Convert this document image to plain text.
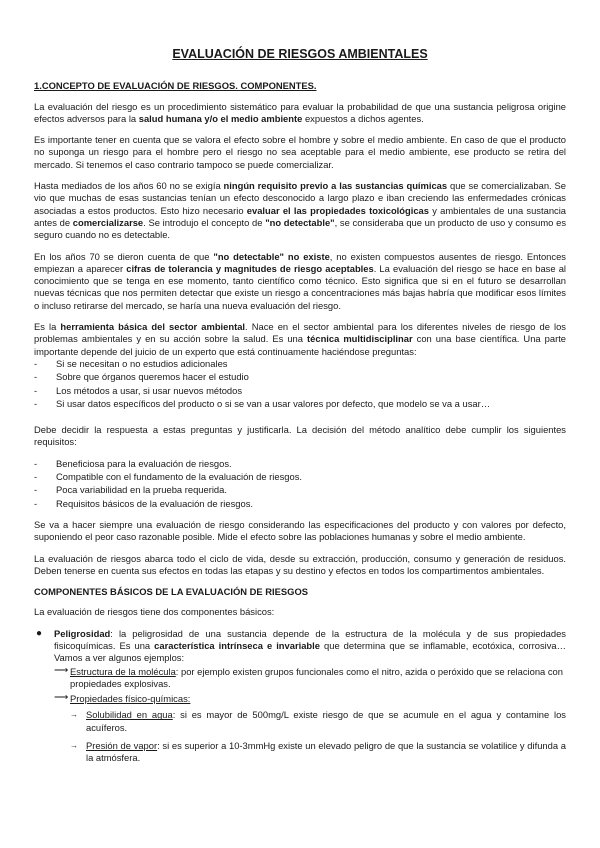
EVALUACIÓN DE RIESGOS AMBIENTALES
1.CONCEPTO DE EVALUACIÓN DE RIESGOS. COMPONENTES.

La evaluación del riesgo es un procedimiento sistemático para evaluar la probabilidad de que una sustancia peligrosa origine efectos adversos para la salud humana y/o el medio ambiente expuestos a dichos agentes.

Es importante tener en cuenta que se valora el efecto sobre el hombre y sobre el medio ambiente. En caso de que el producto no suponga un riesgo para el hombre pero el riesgo no sea aceptable para el medio ambiente, ese producto se retira del mercado. Si tenemos el caso contrario tampoco se puede comercializar.

Hasta mediados de los años 60 no se exigía ningún requisito previo a las sustancias químicas que se comercializaban. Se vio que muchas de esas sustancias tenían un efecto desconocido a largo plazo e iban creciendo las enfermedades crónicas asociadas a estos productos. Esto hizo necesario evaluar el las propiedades toxicológicas y ambientales de una sustancia antes de comercializarse. Se introdujo el concepto de "no detectable", se consideraba que un producto de uso y consumo es seguro cuando no es detectable.

En los años 70 se dieron cuenta de que "no detectable" no existe, no existen compuestos ausentes de riesgo. Entonces empiezan a aparecer cifras de tolerancia y magnitudes de riesgo aceptables. La evaluación del riesgo se hace en base al conocimiento que se tenga en ese momento, tanto científico como técnico. Esto significa que si en el futuro se desarrollan nuevas técnicas que nos permiten detectar que existe un riesgo a concentraciones más bajas habría que modificar esos límites o incluso retirarse del mercado, se haría una nueva evaluación del riesgo.

Es la herramienta básica del sector ambiental. Nace en el sector ambiental para los diferentes niveles de riesgo de los problemas ambientales y en su acción sobre la salud. Es una técnica multidisciplinar con una base científica. Una parte importante depende del juicio de un experto que está continuamente haciéndose preguntas:

- Si se necesitan o no estudios adicionales
- Sobre que órganos queremos hacer el estudio
- Los métodos a usar, si usar nuevos métodos
- Si usar datos específicos del producto o si se van a usar valores por defecto, que modelo se va a usar…

Debe decidir la respuesta a estas preguntas y justificarla. La decisión del método analítico debe cumplir los siguientes requisitos:

- Beneficiosa para la evaluación de riesgos.
- Compatible con el fundamento de la evaluación de riesgos.
- Poca variabilidad en la prueba requerida.
- Requisitos básicos de la evaluación de riesgos.

Se va a hacer siempre una evaluación de riesgo considerando las especificaciones del producto y con valores por defecto, suponiendo el peor caso razonable posible. Mide el efecto sobre las poblaciones humanas y sobre el medio ambiente.

La evaluación de riesgos abarca todo el ciclo de vida, desde su extracción, producción, consumo y generación de residuos. Deben tenerse en cuenta sus efectos en todas las etapas y su destino y efectos en todos los compartimentos ambientales.

COMPONENTES BÁSICOS DE LA EVALUACIÓN DE RIESGOS

La evaluación de riesgos tiene dos componentes básicos:

● Peligrosidad: la peligrosidad de una sustancia depende de la estructura de la molécula y de sus propiedades fisicoquímicas. Es una característica intrínseca e invariable que determina que se inflamable, ecotóxica, corrosiva… Vamos a ver algunos ejemplos:
⟶ Estructura de la molécula: por ejemplo existen grupos funcionales como el nitro, azida o peróxido que se relaciona con propiedades explosivas.
⟶ Propiedades físico-químicas:
→ Solubilidad en agua: si es mayor de 500mg/L existe riesgo de que se acumule en el agua y contamine los acuíferos.
→ Presión de vapor: si es superior a 10-3mmHg existe un elevado peligro de que la sustancia se volatilice y difunda a la atmósfera.
